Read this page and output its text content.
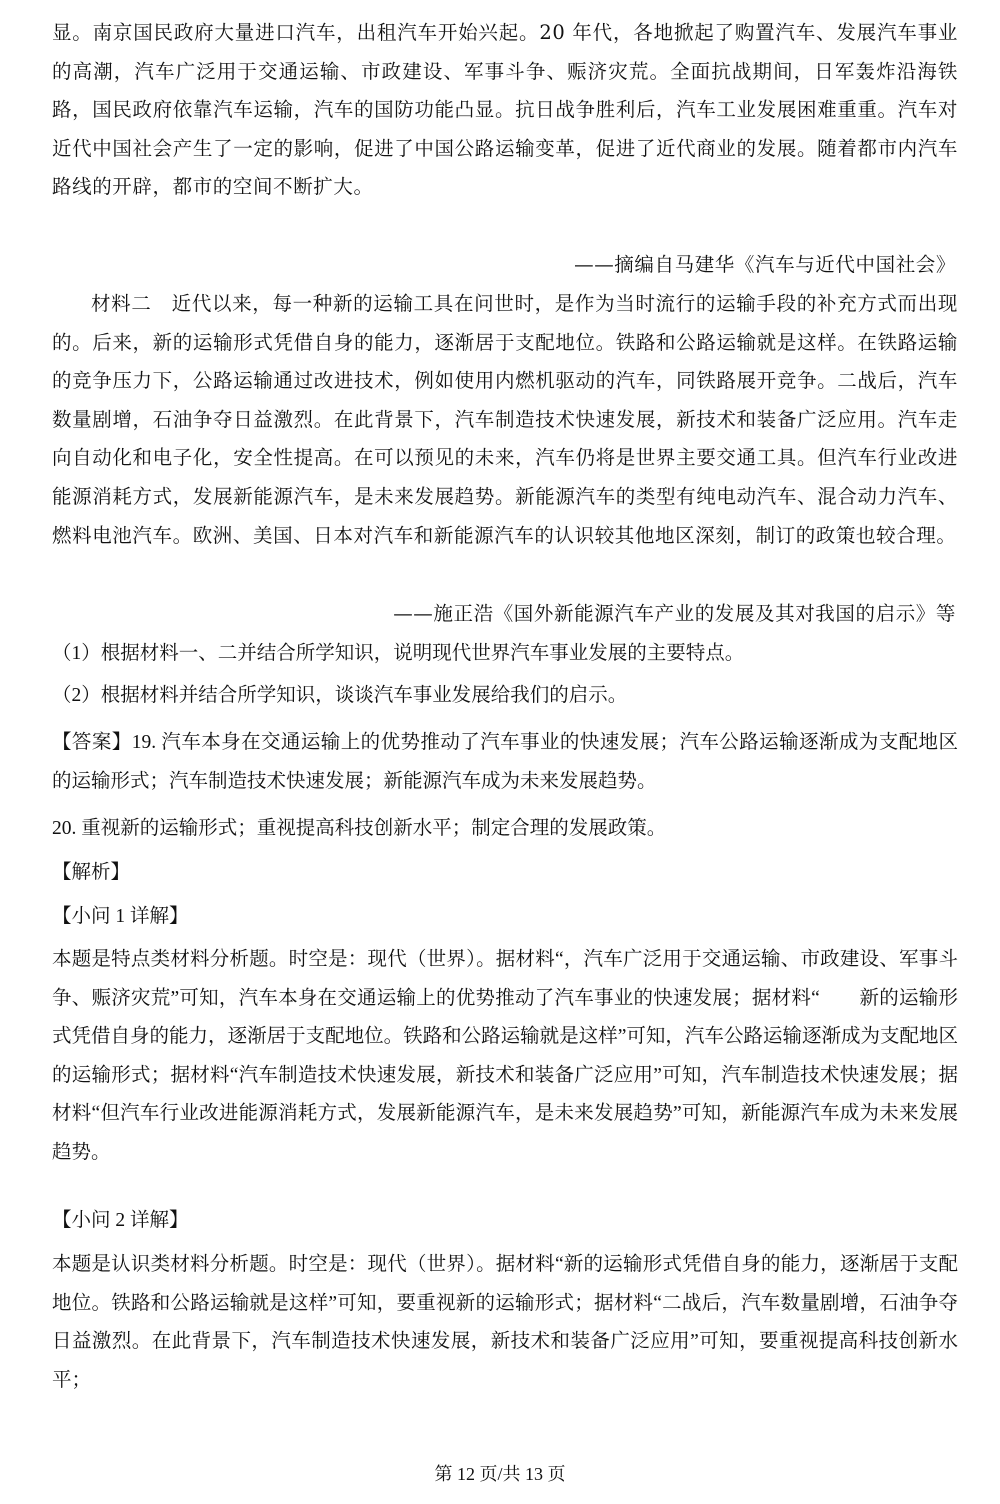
显。南京国民政府大量进口汽车，出租汽车开始兴起。20 年代，各地掀起了购置汽车、发展汽车事业的高潮，汽车广泛用于交通运输、市政建设、军事斗争、赈济灾荒。全面抗战期间，日军轰炸沿海铁路，国民政府依靠汽车运输，汽车的国防功能凸显。抗日战争胜利后，汽车工业发展困难重重。汽车对近代中国社会产生了一定的影响，促进了中国公路运输变革，促进了近代商业的发展。随着都市内汽车路线的开辟，都市的空间不断扩大。

——摘编自马建华《汽车与近代中国社会》

材料二　近代以来，每一种新的运输工具在问世时，是作为当时流行的运输手段的补充方式而出现的。后来，新的运输形式凭借自身的能力，逐渐居于支配地位。铁路和公路运输就是这样。在铁路运输的竞争压力下，公路运输通过改进技术，例如使用内燃机驱动的汽车，同铁路展开竞争。二战后，汽车数量剧增，石油争夺日益激烈。在此背景下，汽车制造技术快速发展，新技术和装备广泛应用。汽车走向自动化和电子化，安全性提高。在可以预见的未来，汽车仍将是世界主要交通工具。但汽车行业改进能源消耗方式，发展新能源汽车，是未来发展趋势。新能源汽车的类型有纯电动汽车、混合动力汽车、燃料电池汽车。欧洲、美国、日本对汽车和新能源汽车的认识较其他地区深刻，制订的政策也较合理。

——施正浩《国外新能源汽车产业的发展及其对我国的启示》等

（1）根据材料一、二并结合所学知识，说明现代世界汽车事业发展的主要特点。

（2）根据材料并结合所学知识，谈谈汽车事业发展给我们的启示。

【答案】19. 汽车本身在交通运输上的优势推动了汽车事业的快速发展；汽车公路运输逐渐成为支配地区的运输形式；汽车制造技术快速发展；新能源汽车成为未来发展趋势。

20. 重视新的运输形式；重视提高科技创新水平；制定合理的发展政策。

【解析】

【小问 1 详解】

本题是特点类材料分析题。时空是：现代（世界）。据材料“，汽车广泛用于交通运输、市政建设、军事斗争、赈济灾荒”可知，汽车本身在交通运输上的优势推动了汽车事业的快速发展；据材料“　　新的运输形式凭借自身的能力，逐渐居于支配地位。铁路和公路运输就是这样”可知，汽车公路运输逐渐成为支配地区的运输形式；据材料“汽车制造技术快速发展，新技术和装备广泛应用”可知，汽车制造技术快速发展；据材料“但汽车行业改进能源消耗方式，发展新能源汽车，是未来发展趋势”可知，新能源汽车成为未来发展趋势。

【小问 2 详解】

本题是认识类材料分析题。时空是：现代（世界）。据材料“新的运输形式凭借自身的能力，逐渐居于支配地位。铁路和公路运输就是这样”可知，要重视新的运输形式；据材料“二战后，汽车数量剧增，石油争夺日益激烈。在此背景下，汽车制造技术快速发展，新技术和装备广泛应用”可知，要重视提高科技创新水平；

第 12 页/共 13 页
